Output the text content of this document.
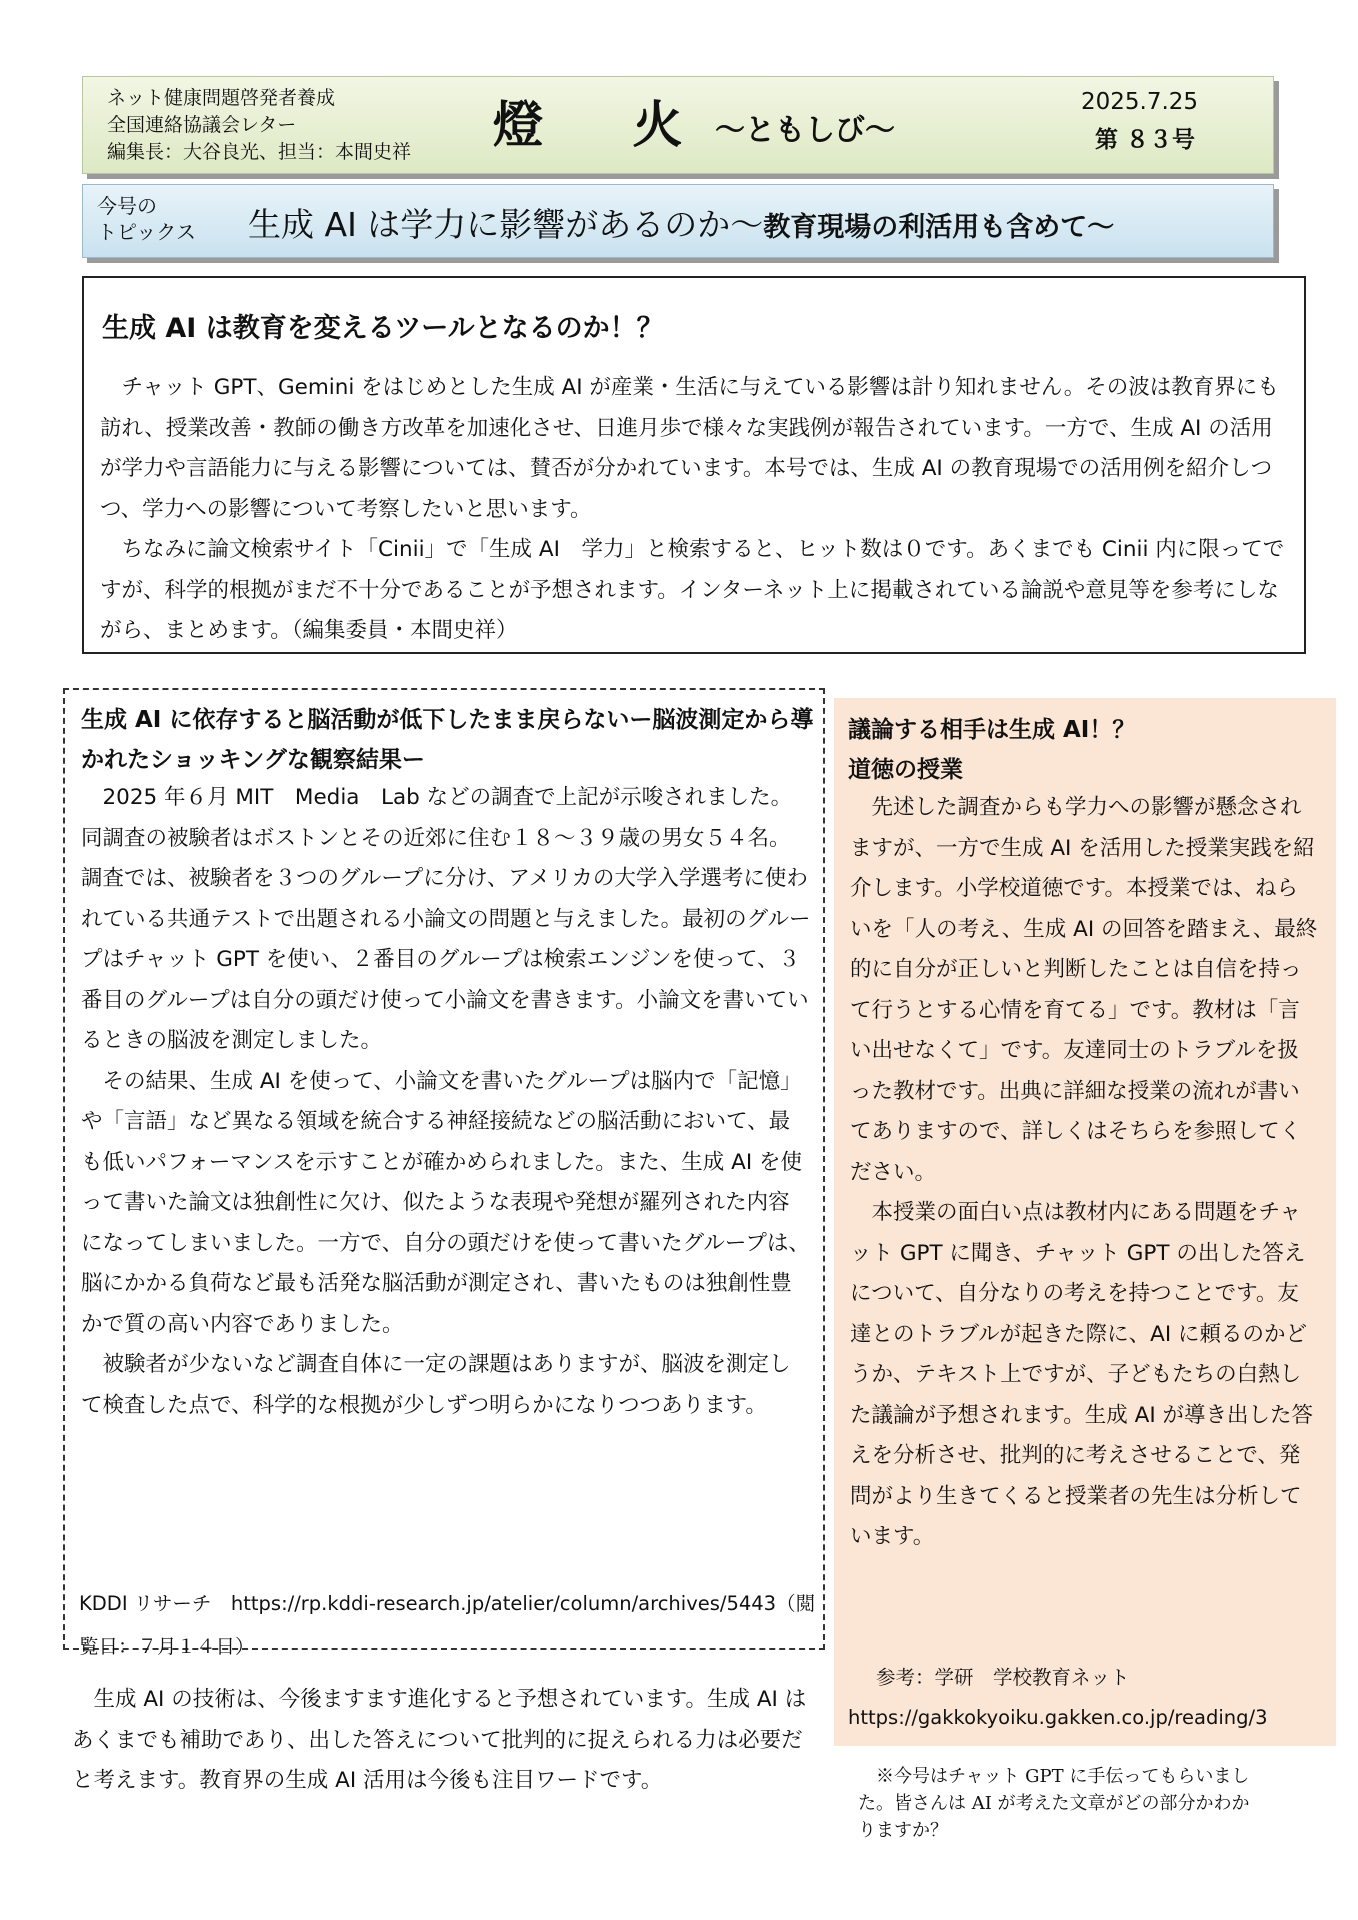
ネット健康問題啓発者養成
全国連絡協議会レター
編集長：大谷良光、担当：本間史祥 燈 火
～ともしび～
2025.7.25
第 ８３号
今号の
トピックス 生成 AI は学力に影響があるのか～教育現場の利活用も含めて～
生成 AI は教育を変えるツールとなるのか！？

チャット GPT、Gemini をはじめとした生成 AI が産業・生活に与えている影響は計り知れません。その波は教育界にも訪れ、授業改善・教師の働き方改革を加速化させ、日進月歩で様々な実践例が報告されています。一方で、生成 AI の活用が学力や言語能力に与える影響については、賛否が分かれています。本号では、生成 AI の教育現場での活用例を紹介しつつ、学力への影響について考察したいと思います。

ちなみに論文検索サイト「Cinii」で「生成 AI　学力」と検索すると、ヒット数は０です。あくまでも Cinii 内に限ってですが、科学的根拠がまだ不十分であることが予想されます。インターネット上に掲載されている論説や意見等を参考にしながら、まとめます。（編集委員・本間史祥）

生成 AI に依存すると脳活動が低下したまま戻らないー脳波測定から導かれたショッキングな観察結果ー

2025 年６月 MIT　Media　Lab などの調査で上記が示唆されました。同調査の被験者はボストンとその近郊に住む１８～３９歳の男女５４名。調査では、被験者を３つのグループに分け、アメリカの大学入学選考に使われている共通テストで出題される小論文の問題と与えました。最初のグループはチャット GPT を使い、２番目のグループは検索エンジンを使って、３番目のグループは自分の頭だけ使って小論文を書きます。小論文を書いているときの脳波を測定しました。

その結果、生成 AI を使って、小論文を書いたグループは脳内で「記憶」や「言語」など異なる領域を統合する神経接続などの脳活動において、最も低いパフォーマンスを示すことが確かめられました。また、生成 AI を使って書いた論文は独創性に欠け、似たような表現や発想が羅列された内容になってしまいました。一方で、自分の頭だけを使って書いたグループは、脳にかかる負荷など最も活発な脳活動が測定され、書いたものは独創性豊かで質の高い内容でありました。

被験者が少ないなど調査自体に一定の課題はありますが、脳波を測定して検査した点で、科学的な根拠が少しずつ明らかになりつつあります。

KDDI リサーチ　https://rp.kddi-research.jp/atelier/column/archives/5443（閲覧日：７月１４日）

生成 AI の技術は、今後ますます進化すると予想されています。生成 AI はあくまでも補助であり、出した答えについて批判的に捉えられる力は必要だと考えます。教育界の生成 AI 活用は今後も注目ワードです。

議論する相手は生成 AI！？
道徳の授業

先述した調査からも学力への影響が懸念されますが、一方で生成 AI を活用した授業実践を紹介します。小学校道徳です。本授業では、ねらいを「人の考え、生成 AI の回答を踏まえ、最終的に自分が正しいと判断したことは自信を持って行うとする心情を育てる」です。教材は「言い出せなくて」です。友達同士のトラブルを扱った教材です。出典に詳細な授業の流れが書いてありますので、詳しくはそちらを参照してください。

本授業の面白い点は教材内にある問題をチャット GPT に聞き、チャット GPT の出した答えについて、自分なりの考えを持つことです。友達とのトラブルが起きた際に、AI に頼るのかどうか、テキスト上ですが、子どもたちの白熱した議論が予想されます。生成 AI が導き出した答えを分析させ、批判的に考えさせることで、発問がより生きてくると授業者の先生は分析しています。

参考：学研　学校教育ネット
https://gakkokyoiku.gakken.co.jp/reading/3
※今号はチャット GPT に手伝ってもらいまし
た。皆さんは AI が考えた文章がどの部分かわか
りますか？
